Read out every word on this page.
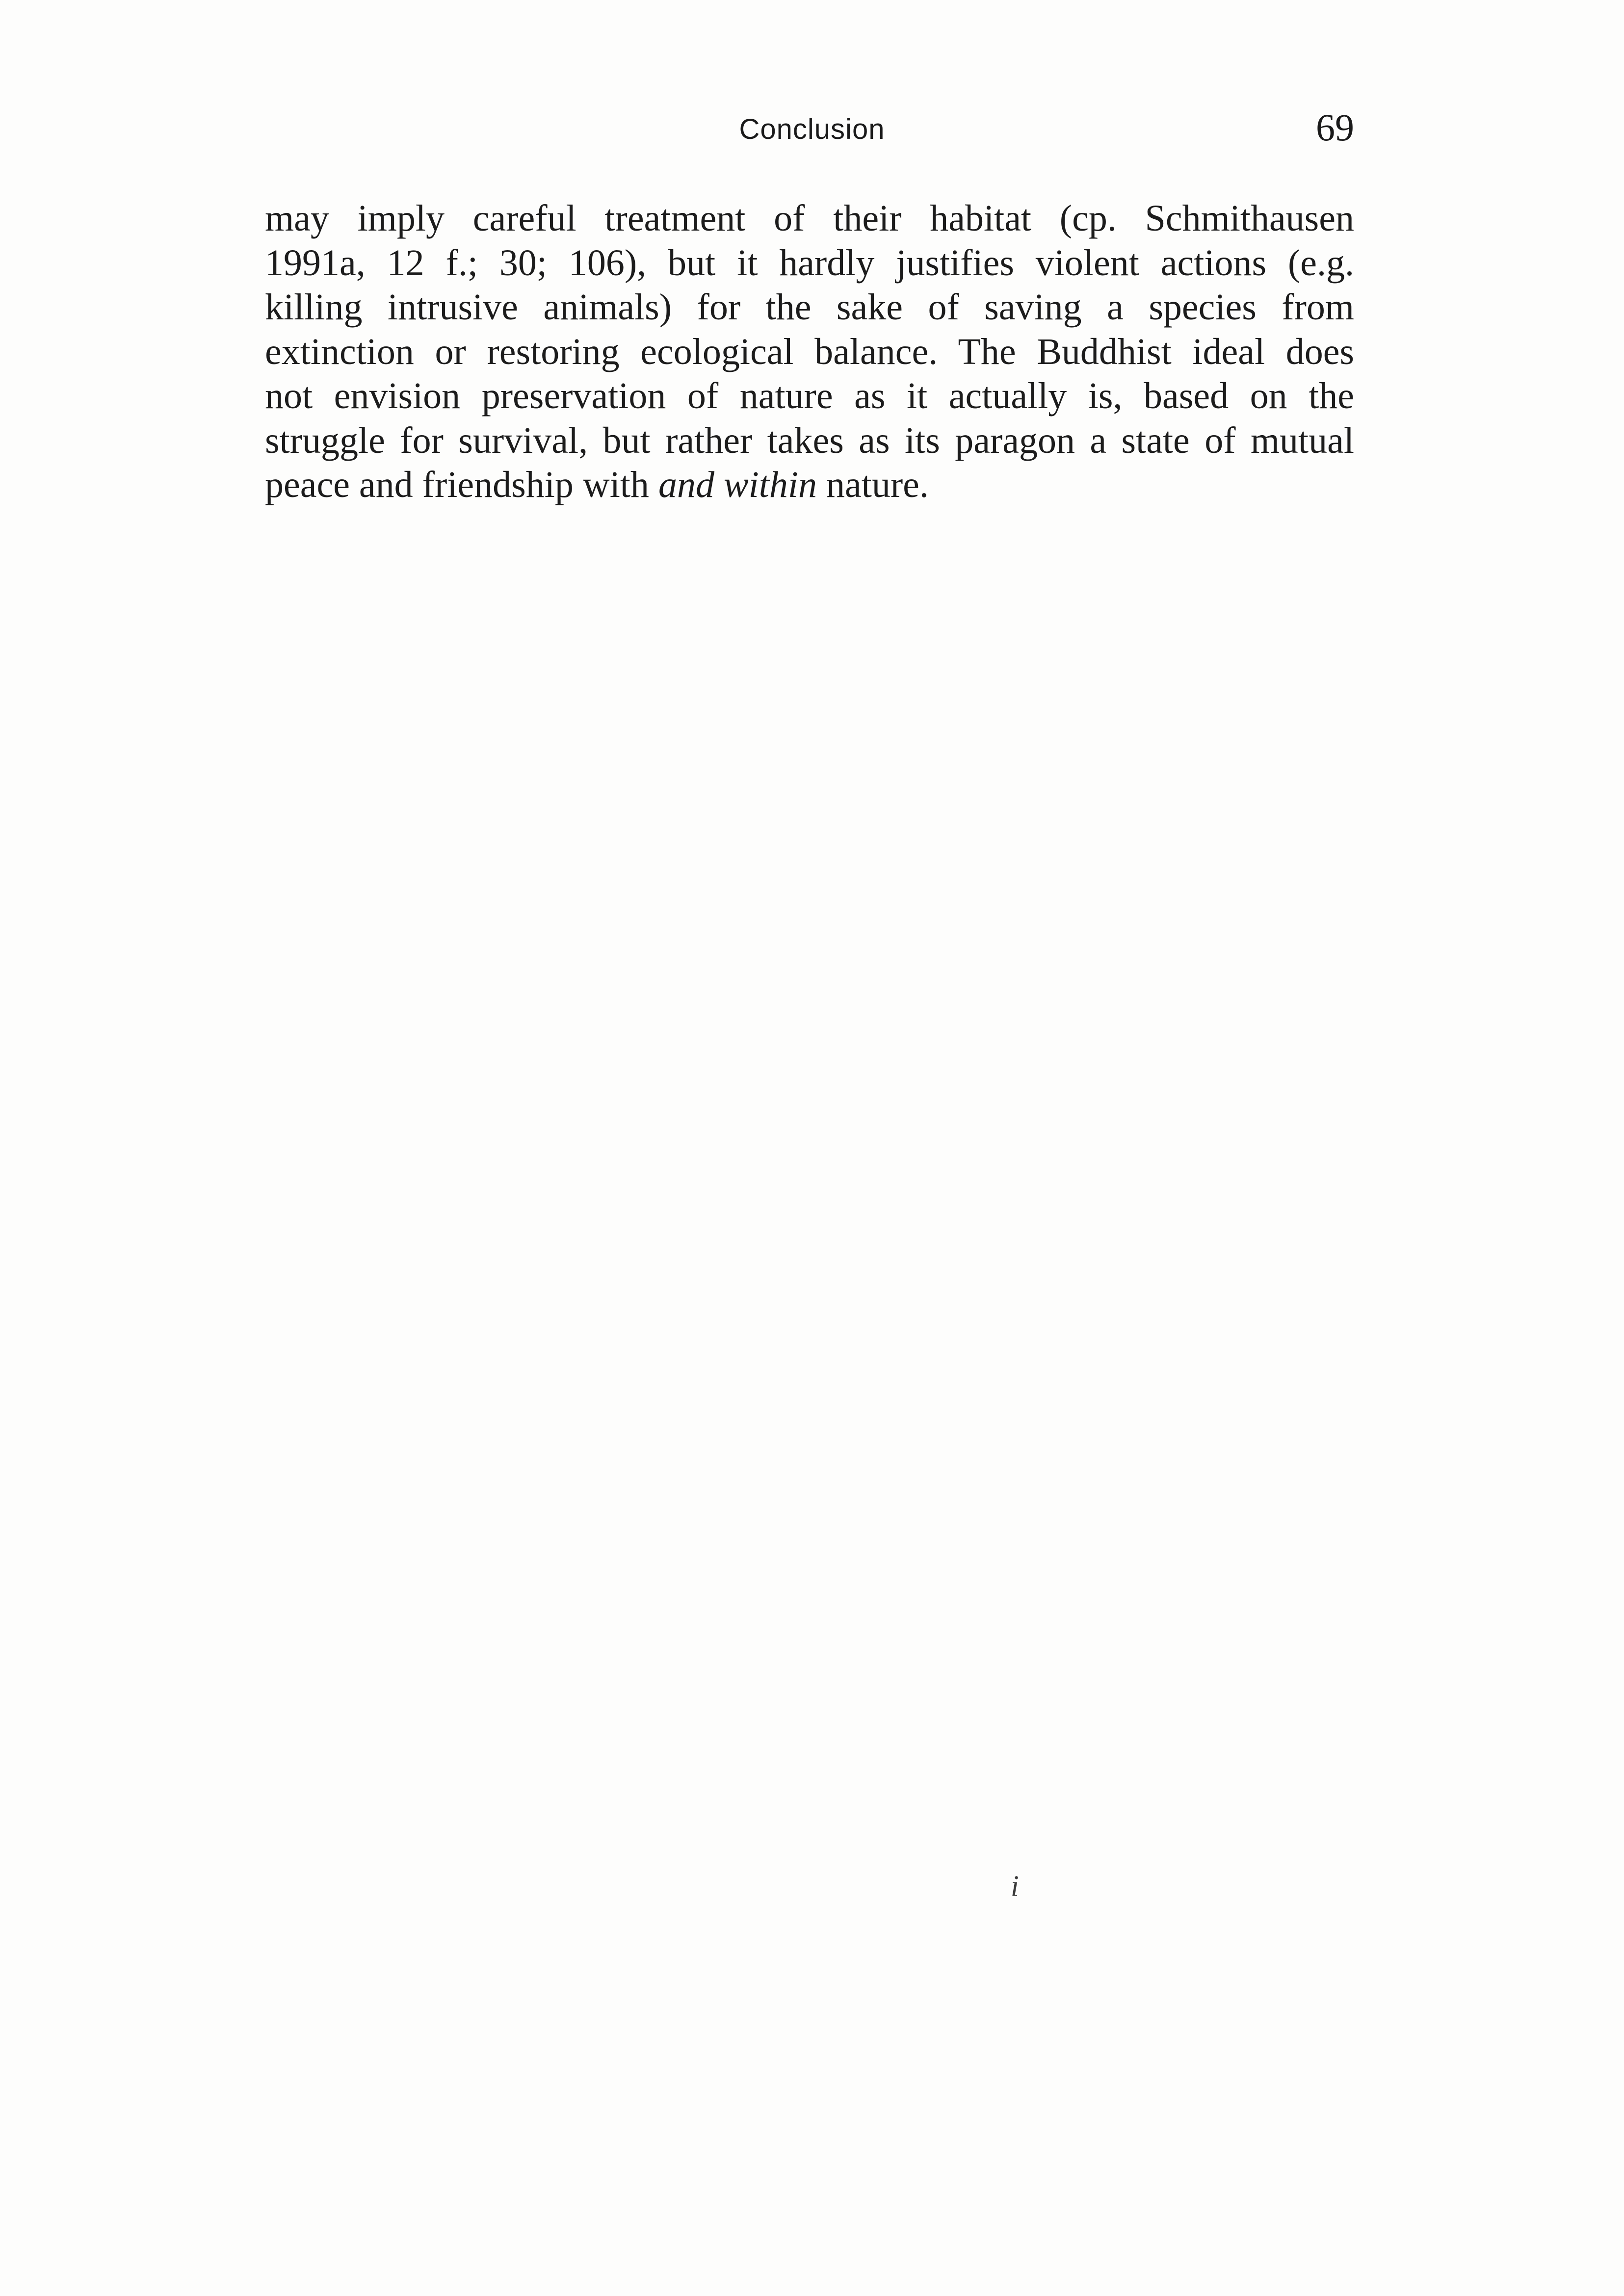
Conclusion	69
may imply careful treatment of their habitat (cp. Schmithausen
1991a, 12 f.; 30; 106), but it hardly justifies violent actions (e.g.
killing intrusive animals) for the sake of saving a species from
extinction or restoring ecological balance. The Buddhist ideal does
not envision preservation of nature as it actually is, based on the
struggle for survival, but rather takes as its paragon a state of mutual
peace and friendship with and within nature.
i
